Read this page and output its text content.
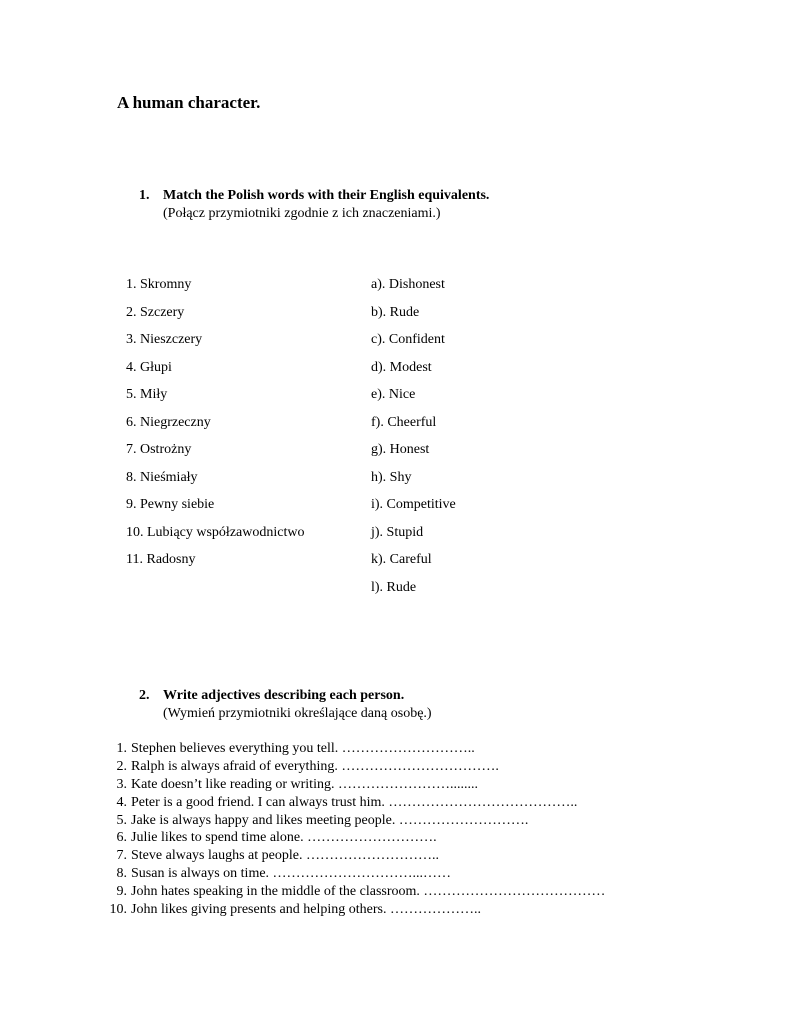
A human character.
1. Match the Polish words with their English equivalents.
(Połącz przymiotniki zgodnie z ich znaczeniami.)
1. Skromny
2. Szczery
3. Nieszczery
4. Głupi
5. Miły
6. Niegrzeczny
7. Ostrożny
8. Nieśmiały
9. Pewny siebie
10. Lubiący współzawodnictwo
11. Radosny
a). Dishonest
b). Rude
c). Confident
d). Modest
e). Nice
f). Cheerful
g). Honest
h). Shy
i). Competitive
j). Stupid
k). Careful
l). Rude
2. Write adjectives describing each person.
(Wymień przymiotniki określające daną osobę.)
1. Stephen believes everything you tell. ………………………..
2. Ralph is always afraid of everything. …………………………….
3. Kate doesn’t like reading or writing. ……………………........
4. Peter is a good friend. I can always trust him. …………………………………..
5. Jake is always happy and likes meeting people. ……………………….
6. Julie likes to spend time alone. ……………………….
7. Steve always laughs at people. ………………………..
8. Susan is always on time. …………………………...……
9. John hates speaking in the middle of the classroom. …………………………………
10. John likes giving presents and helping others. ………………..
